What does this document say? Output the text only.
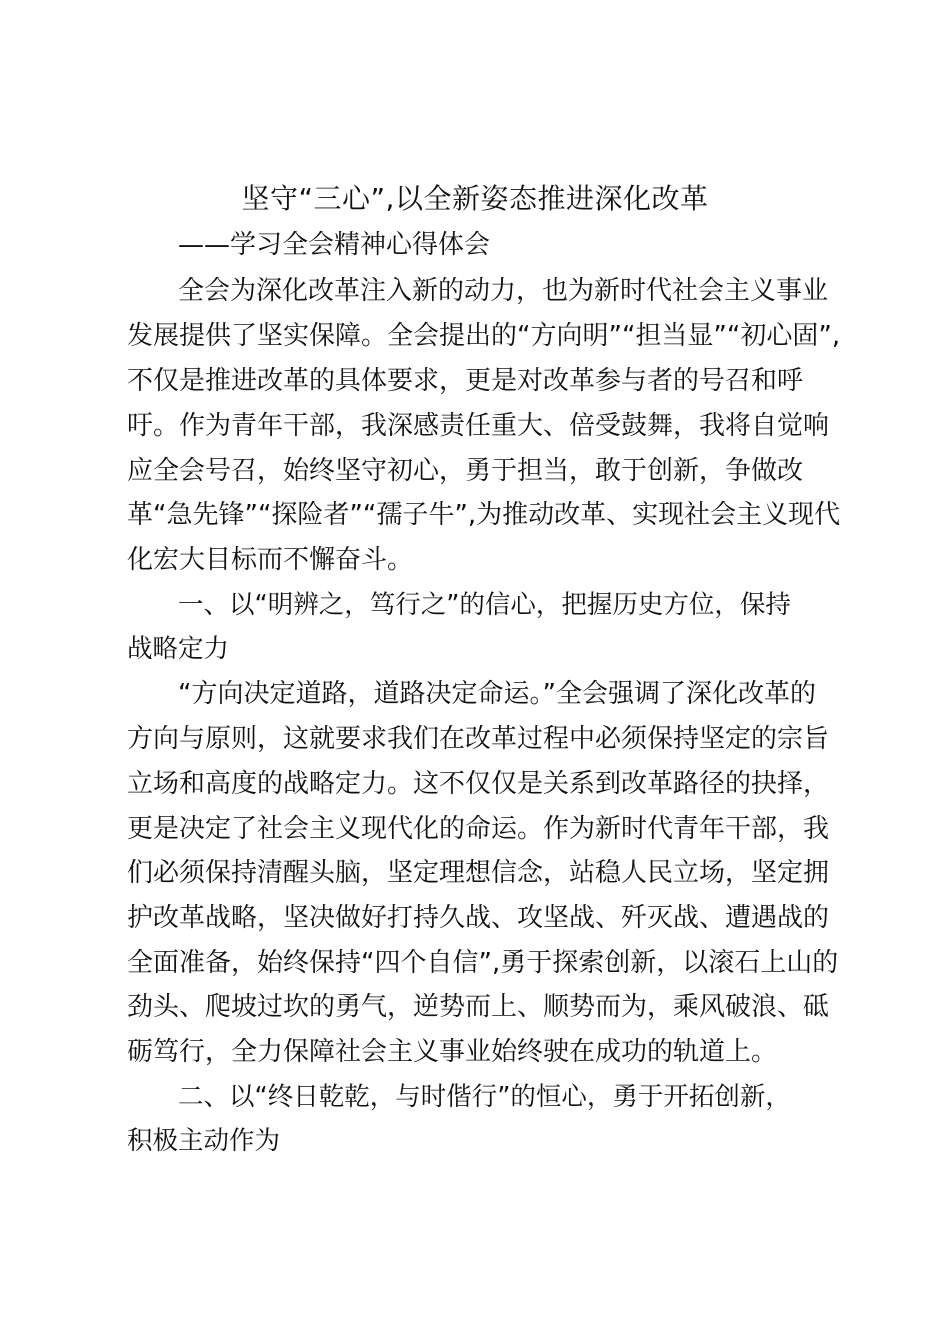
坚守“三心”,以全新姿态推进深化改革
——学习全会精神心得体会
全会为深化改革注入新的动力，也为新时代社会主义事业
发展提供了坚实保障。全会提出的“方向明”“担当显”“初心固”,
不仅是推进改革的具体要求，更是对改革参与者的号召和呼
吁。作为青年干部，我深感责任重大、倍受鼓舞，我将自觉响
应全会号召，始终坚守初心，勇于担当，敢于创新，争做改
革“急先锋”“探险者”“孺子牛”,为推动改革、实现社会主义现代
化宏大目标而不懈奋斗。
一、以“明辨之，笃行之”的信心，把握历史方位，保持
战略定力
“方向决定道路，道路决定命运。”全会强调了深化改革的
方向与原则，这就要求我们在改革过程中必须保持坚定的宗旨
立场和高度的战略定力。这不仅仅是关系到改革路径的抉择，
更是决定了社会主义现代化的命运。作为新时代青年干部，我
们必须保持清醒头脑，坚定理想信念，站稳人民立场，坚定拥
护改革战略，坚决做好打持久战、攻坚战、歼灭战、遭遇战的
全面准备，始终保持“四个自信”,勇于探索创新，以滚石上山的
劲头、爬坡过坎的勇气，逆势而上、顺势而为，乘风破浪、砥
砺笃行，全力保障社会主义事业始终驶在成功的轨道上。
二、以“终日乾乾，与时偕行”的恒心，勇于开拓创新，
积极主动作为
